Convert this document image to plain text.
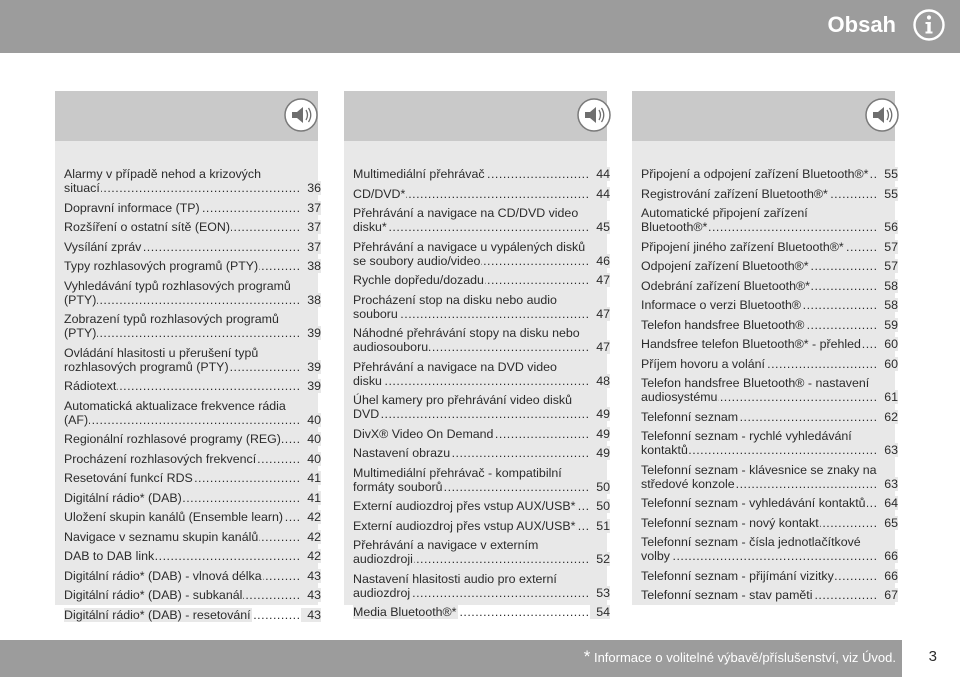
Obsah
Alarmy v případě nehod a krizových situací .....	36
Dopravní informace (TP) .....	37
Rozšíření o ostatní sítě (EON) .....	37
Vysílání zpráv .....	37
Typy rozhlasových programů (PTY) .....	38
Vyhledávání typů rozhlasových programů (PTY) .....	38
Zobrazení typů rozhlasových programů (PTY) .....	39
Ovládání hlasitosti u přerušení typů rozhlasových programů (PTY) .....	39
Rádiotext .....	39
Automatická aktualizace frekvence rádia (AF) .....	40
Regionální rozhlasové programy (REG) .....	40
Procházení rozhlasových frekvencí .....	40
Resetování funkcí RDS .....	41
Digitální rádio* (DAB) .....	41
Uložení skupin kanálů (Ensemble learn) .....	42
Navigace v seznamu skupin kanálů .....	42
DAB to DAB link .....	42
Digitální rádio* (DAB) - vlnová délka .....	43
Digitální rádio* (DAB) - subkanál .....	43
Digitální rádio* (DAB) - resetování .....	43
Multimediální přehrávač .....	44
CD/DVD* .....	44
Přehrávání a navigace na CD/DVD video disku* .....	45
Přehrávání a navigace u vypálených disků se soubory audio/video .....	46
Rychle dopředu/dozadu .....	47
Procházení stop na disku nebo audio souboru .....	47
Náhodné přehrávání stopy na disku nebo audiosouboru .....	47
Přehrávání a navigace na DVD video disku .....	48
Úhel kamery pro přehrávání video disků DVD .....	49
DivX® Video On Demand .....	49
Nastavení obrazu .....	49
Multimediální přehrávač - kompatibilní formáty souborů .....	50
Externí audiozdroj přes vstup AUX/USB* .....	50
Externí audiozdroj přes vstup AUX/USB* .....	51
Přehrávání a navigace v externím audiozdroji .....	52
Nastavení hlasitosti audio pro externí audiozdroj .....	53
Media Bluetooth®* .....	54
Připojení a odpojení zařízení Bluetooth®* .....	55
Registrování zařízení Bluetooth®* .....	55
Automatické připojení zařízení Bluetooth®* .....	56
Připojení jiného zařízení Bluetooth®* .....	57
Odpojení zařízení Bluetooth®* .....	57
Odebrání zařízení Bluetooth®* .....	58
Informace o verzi Bluetooth® .....	58
Telefon handsfree Bluetooth® .....	59
Handsfree telefon Bluetooth®* - přehled .....	60
Příjem hovoru a volání .....	60
Telefon handsfree Bluetooth® - nastavení audiosystému .....	61
Telefonní seznam .....	62
Telefonní seznam - rychlé vyhledávání kontaktů .....	63
Telefonní seznam - klávesnice se znaky na středové konzole .....	63
Telefonní seznam - vyhledávání kontaktů .....	64
Telefonní seznam - nový kontakt .....	65
Telefonní seznam - čísla jednotlačítkové volby .....	66
Telefonní seznam - přijímání vizitky .....	66
Telefonní seznam - stav paměti .....	67
* Informace o volitelné výbavě/příslušenství, viz Úvod. 3
